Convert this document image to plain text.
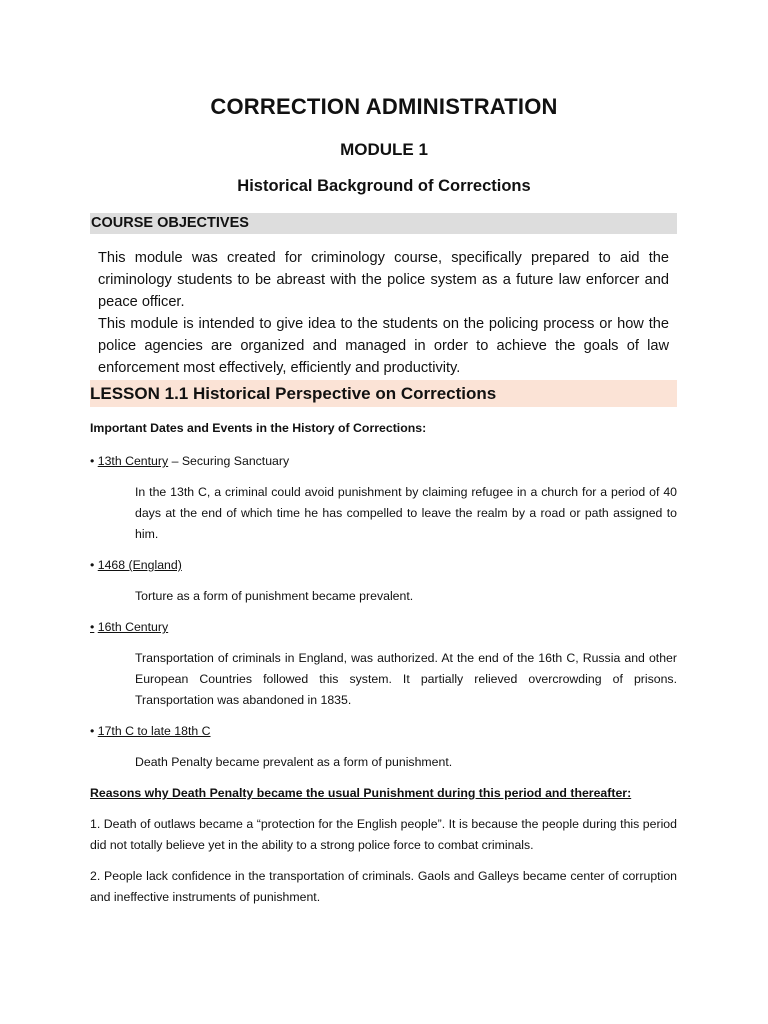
CORRECTION ADMINISTRATION
MODULE 1
Historical Background of Corrections
COURSE OBJECTIVES

This module was created for criminology course, specifically prepared to aid the criminology students to be abreast with the police system as a future law enforcer and peace officer.

This module is intended to give idea to the students on the policing process or how the police agencies are organized and managed in order to achieve the goals of law enforcement most effectively, efficiently and productivity.

LESSON 1.1 Historical Perspective on Corrections

Important Dates and Events in the History of Corrections:

• 13th Century – Securing Sanctuary

In the 13th C, a criminal could avoid punishment by claiming refugee in a church for a period of 40 days at the end of which time he has compelled to leave the realm by a road or path assigned to him.

• 1468 (England)

Torture as a form of punishment became prevalent.

• 16th Century

Transportation of criminals in England, was authorized. At the end of the 16th C, Russia and other European Countries followed this system. It partially relieved overcrowding of prisons. Transportation was abandoned in 1835.

• 17th C to late 18th C

Death Penalty became prevalent as a form of punishment.

Reasons why Death Penalty became the usual Punishment during this period and thereafter:

1. Death of outlaws became a “protection for the English people”. It is because the people during this period did not totally believe yet in the ability to a strong police force to combat criminals.

2. People lack confidence in the transportation of criminals. Gaols and Galleys became center of corruption and ineffective instruments of punishment.
